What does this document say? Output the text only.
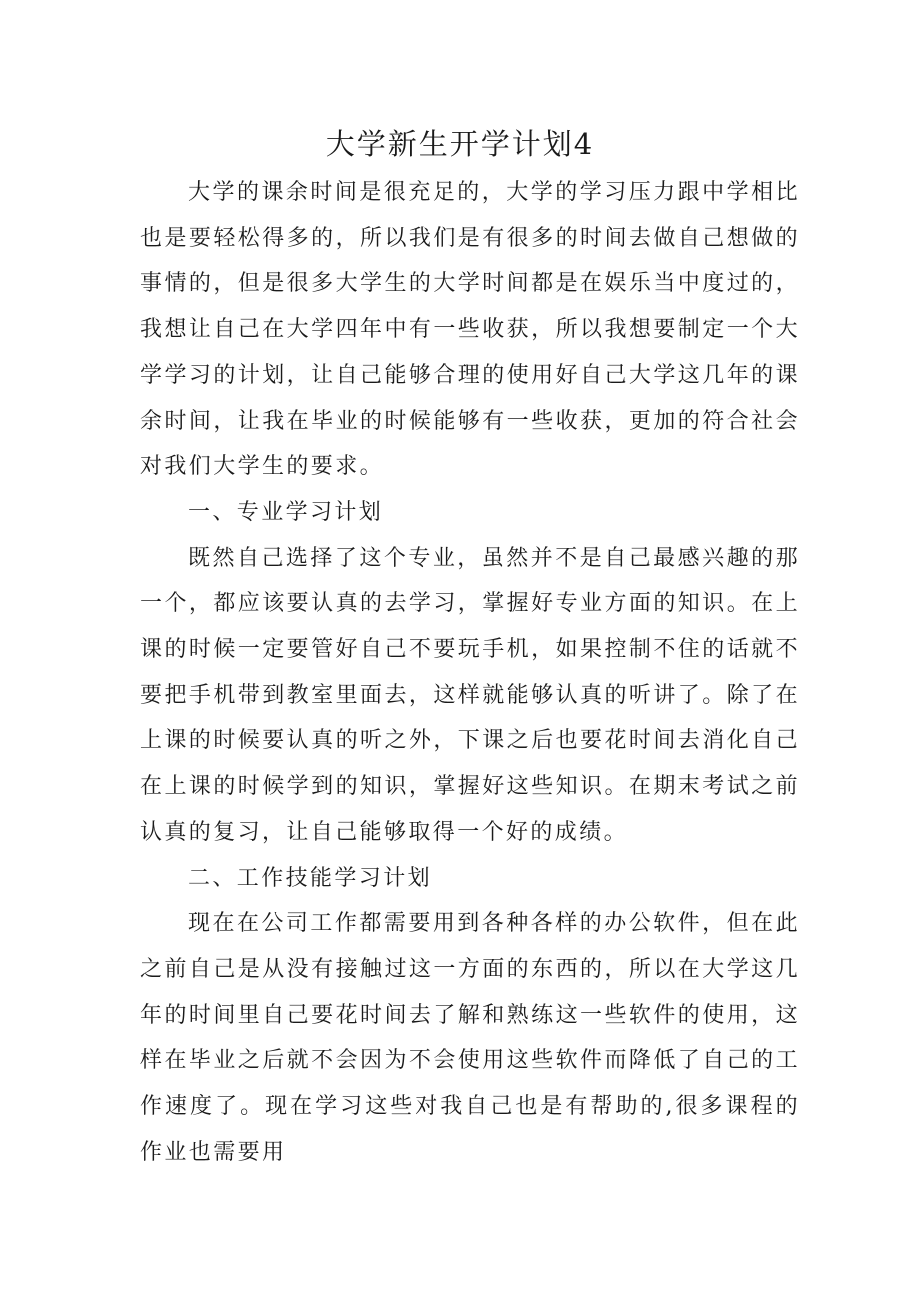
大学新生开学计划4

大学的课余时间是很充足的，大学的学习压力跟中学相比也是要轻松得多的，所以我们是有很多的时间去做自己想做的事情的，但是很多大学生的大学时间都是在娱乐当中度过的，我想让自己在大学四年中有一些收获，所以我想要制定一个大学学习的计划，让自己能够合理的使用好自己大学这几年的课余时间，让我在毕业的时候能够有一些收获，更加的符合社会对我们大学生的要求。

一、专业学习计划

既然自己选择了这个专业，虽然并不是自己最感兴趣的那一个，都应该要认真的去学习，掌握好专业方面的知识。在上课的时候一定要管好自己不要玩手机，如果控制不住的话就不要把手机带到教室里面去，这样就能够认真的听讲了。除了在上课的时候要认真的听之外，下课之后也要花时间去消化自己在上课的时候学到的知识，掌握好这些知识。在期末考试之前认真的复习，让自己能够取得一个好的成绩。

二、工作技能学习计划

现在在公司工作都需要用到各种各样的办公软件，但在此之前自己是从没有接触过这一方面的东西的，所以在大学这几年的时间里自己要花时间去了解和熟练这一些软件的使用，这样在毕业之后就不会因为不会使用这些软件而降低了自己的工作速度了。现在学习这些对我自己也是有帮助的,很多课程的作业也需要用
